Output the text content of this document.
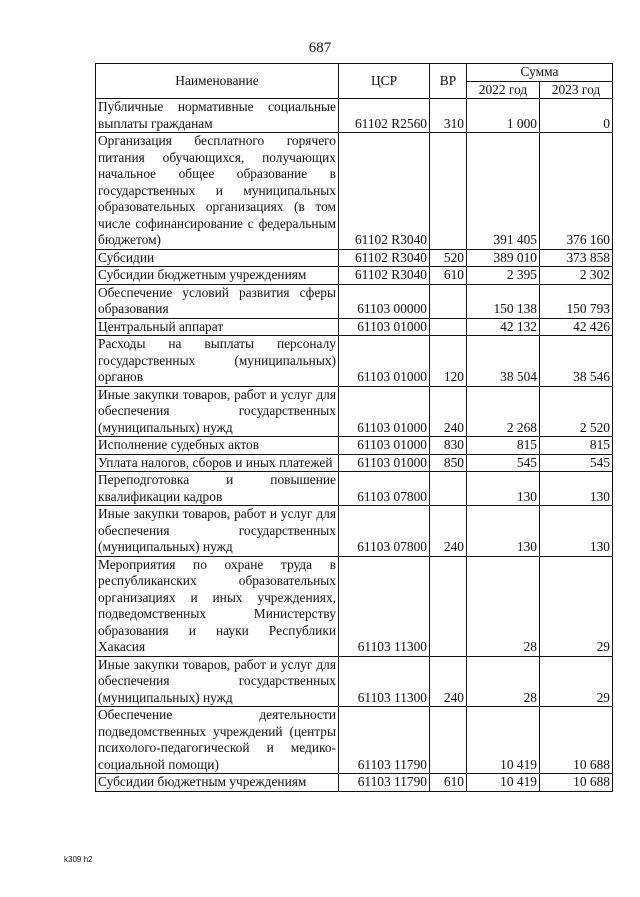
687
Наименование	ЦСР	ВР	Сумма	
			2022 год	2023 год
Публичные нормативные социальные выплаты гражданам	61102 R2560	310	1 000	0
Организация бесплатного горячего питания обучающихся, получающих начальное общее образование в государственных и муниципальных образовательных организациях (в том числе софинансирование с федеральным бюджетом)	61102 R3040		391 405	376 160
Субсидии	61102 R3040	520	389 010	373 858
Субсидии бюджетным учреждениям	61102 R3040	610	2 395	2 302
Обеспечение условий развития сферы образования	61103 00000		150 138	150 793
Центральный аппарат	61103 01000		42 132	42 426
Расходы на выплаты персоналу государственных (муниципальных) органов	61103 01000	120	38 504	38 546
Иные закупки товаров, работ и услуг для обеспечения государственных (муниципальных) нужд	61103 01000	240	2 268	2 520
Исполнение судебных актов	61103 01000	830	815	815
Уплата налогов, сборов и иных платежей	61103 01000	850	545	545
Переподготовка и повышение квалификации кадров	61103 07800		130	130
Иные закупки товаров, работ и услуг для обеспечения государственных (муниципальных) нужд	61103 07800	240	130	130
Мероприятия по охране труда в республиканских образовательных организациях и иных учреждениях, подведомственных Министерству образования и науки Республики Хакасия	61103 11300		28	29
Иные закупки товаров, работ и услуг для обеспечения государственных (муниципальных) нужд	61103 11300	240	28	29
Обеспечение деятельности подведомственных учреждений (центры психолого-педагогической и медико-социальной помощи)	61103 11790		10 419	10 688
Субсидии бюджетным учреждениям	61103 11790	610	10 419	10 688
k309 h2
